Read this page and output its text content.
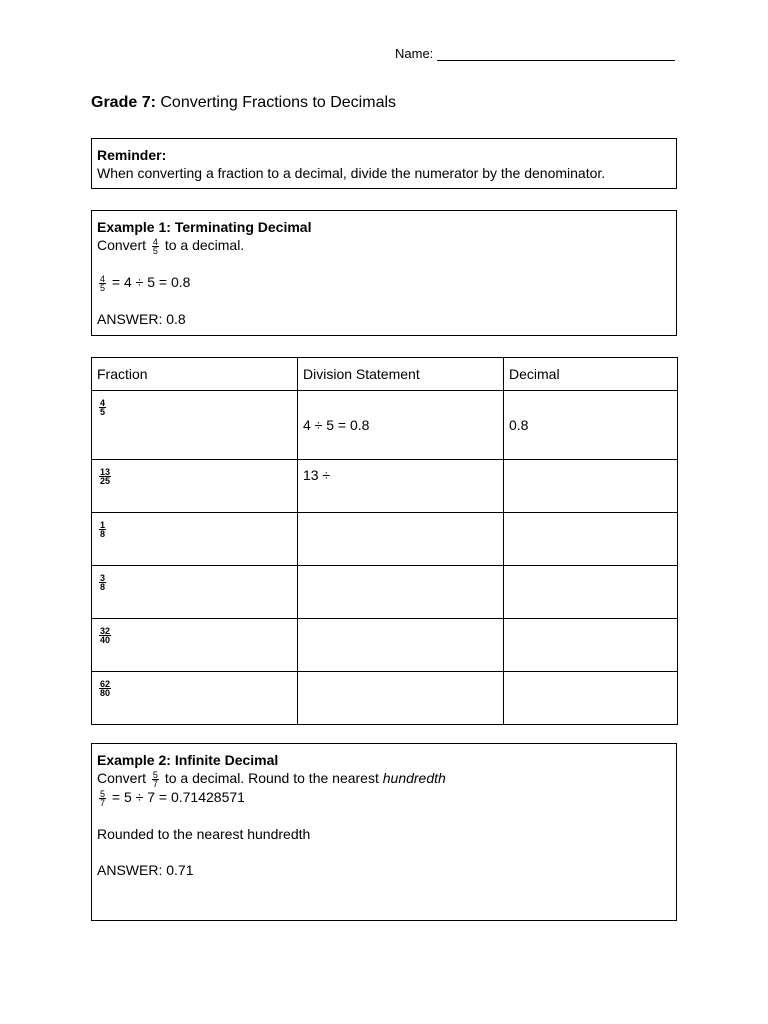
Name:
Grade 7: Converting Fractions to Decimals
Reminder:
When converting a fraction to a decimal, divide the numerator by the denominator.
Example 1: Terminating Decimal
Convert $\frac{4}{5}$ to a decimal.
$\frac{4}{5} = 4 \div 5 = 0.8$
ANSWER: 0.8
Fraction	Division Statement	Decimal

$\frac{4}{5}$	4 ÷ 5 = 0.8	0.8

$\frac{13}{25}$	13 ÷	

$\frac{1}{8}$

$\frac{3}{8}$

$\frac{32}{40}$

$\frac{62}{80}$

Example 2: Infinite Decimal
Convert $\frac{5}{7}$ to a decimal. Round to the nearest hundredth
$\frac{5}{7} = 5 \div 7 = 0.71428571$
Rounded to the nearest hundredth
ANSWER: 0.71
